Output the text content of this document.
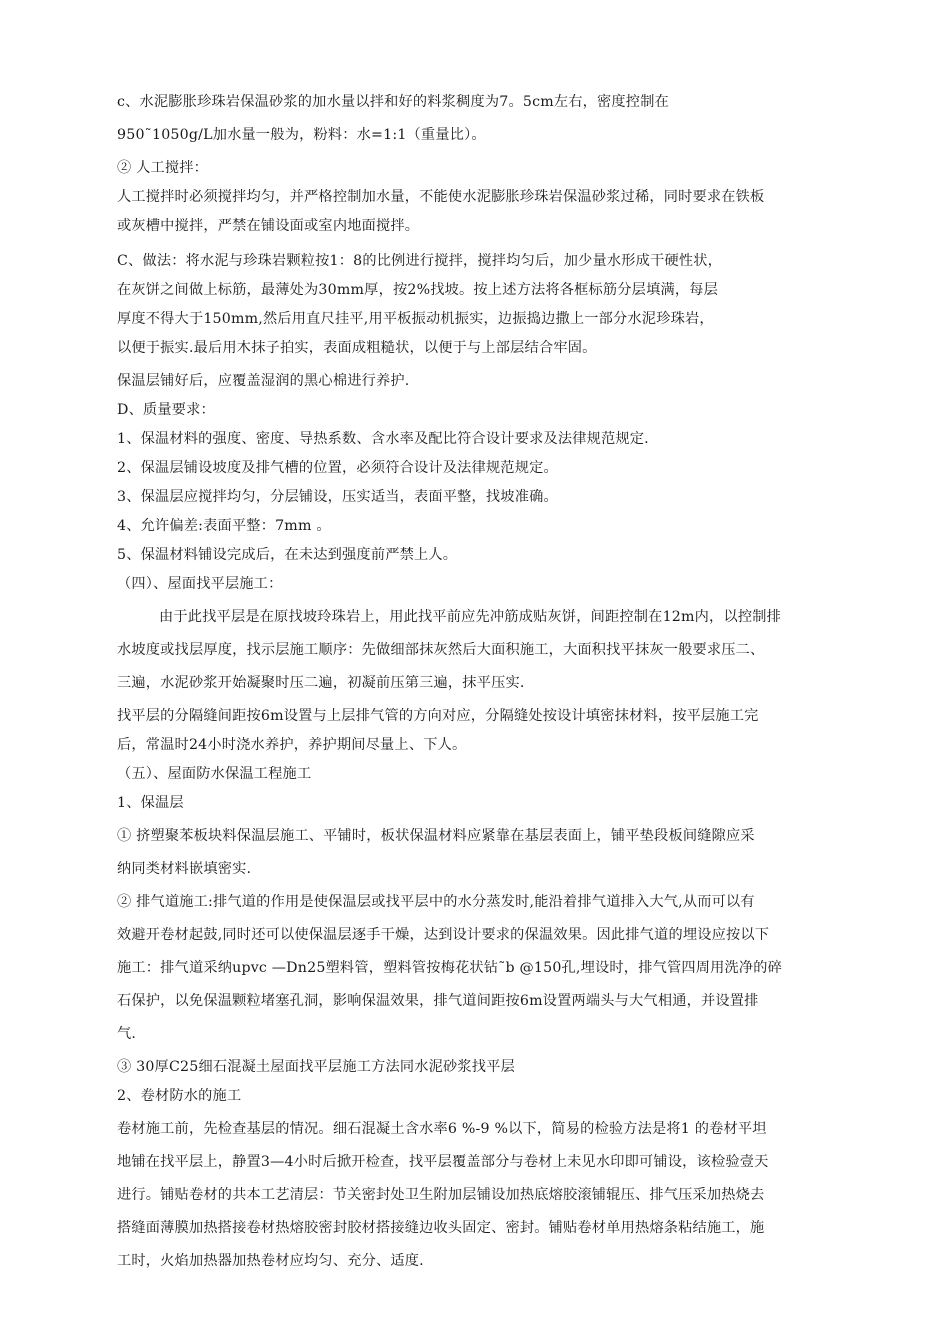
c、水泥膨胀珍珠岩保温砂浆的加水量以拌和好的料浆稠度为7。5cm左右，密度控制在
950˜1050g/L加水量一般为，粉料：水=1:1（重量比）。
② 人工搅拌：
人工搅拌时必须搅拌均匀，并严格控制加水量，不能使水泥膨胀珍珠岩保温砂浆过稀，同时要求在铁板
或灰槽中搅拌，严禁在铺设面或室内地面搅拌。
C、做法：将水泥与珍珠岩颗粒按1：8的比例进行搅拌，搅拌均匀后，加少量水形成干硬性状，
在灰饼之间做上标筋，最薄处为30mm厚，按2%找坡。按上述方法将各框标筋分层填满，每层
厚度不得大于150mm,然后用直尺挂平,用平板振动机振实，边振捣边撒上一部分水泥珍珠岩，
以便于振实.最后用木抹子拍实，表面成粗糙状，以便于与上部层结合牢固。
保温层铺好后，应覆盖湿润的黑心棉进行养护.
D、质量要求：
1、保温材料的强度、密度、导热系数、含水率及配比符合设计要求及法律规范规定.
2、保温层铺设坡度及排气槽的位置，必须符合设计及法律规范规定。
3、保温层应搅拌均匀，分层铺设，压实适当，表面平整，找坡准确。
4、允许偏差:表面平整：7mm 。
5、保温材料铺设完成后，在未达到强度前严禁上人。
（四）、屋面找平层施工：
由于此找平层是在原找坡玲珠岩上，用此找平前应先冲筋成贴灰饼，间距控制在12m内，以控制排
水坡度或找层厚度，找示层施工顺序：先做细部抹灰然后大面积施工，大面积找平抹灰一般要求压二、
三遍，水泥砂浆开始凝聚时压二遍，初凝前压第三遍，抹平压实.
找平层的分隔缝间距按6m设置与上层排气管的方向对应，分隔缝处按设计填密抹材料，按平层施工完
后，常温时24小时浇水养护，养护期间尽量上、下人。
（五）、屋面防水保温工程施工
1、保温层
① 挤塑聚苯板块料保温层施工、平铺时，板状保温材料应紧靠在基层表面上，铺平垫段板间缝隙应采
纳同类材料嵌填密实.
② 排气道施工:排气道的作用是使保温层或找平层中的水分蒸发时,能沿着排气道排入大气,从而可以有
效避开卷材起鼓,同时还可以使保温层逐手干燥，达到设计要求的保温效果。因此排气道的埋设应按以下
施工：排气道采纳upvc —Dn25塑料管，塑料管按梅花状钻˜b @150孔,埋设时，排气管四周用洗净的碎
石保护，以免保温颗粒堵塞孔洞，影响保温效果，排气道间距按6m设置两端头与大气相通，并设置排
气.
③ 30厚C25细石混凝土屋面找平层施工方法同水泥砂浆找平层
2、卷材防水的施工
卷材施工前，先检查基层的情况。细石混凝土含水率6 %-9 %以下，简易的检验方法是将1 的卷材平坦
地铺在找平层上，静置3—4小时后掀开检查，找平层覆盖部分与卷材上未见水印即可铺设，该检验壹天
进行。铺贴卷材的共本工艺清层：节关密封处卫生附加层铺设加热底熔胶滚铺辊压、排气压采加热烧去
搭缝面薄膜加热搭接卷材热熔胶密封胶材搭接缝边收头固定、密封。铺贴卷材单用热熔条粘结施工，施
工时，火焰加热器加热卷材应均匀、充分、适度.
